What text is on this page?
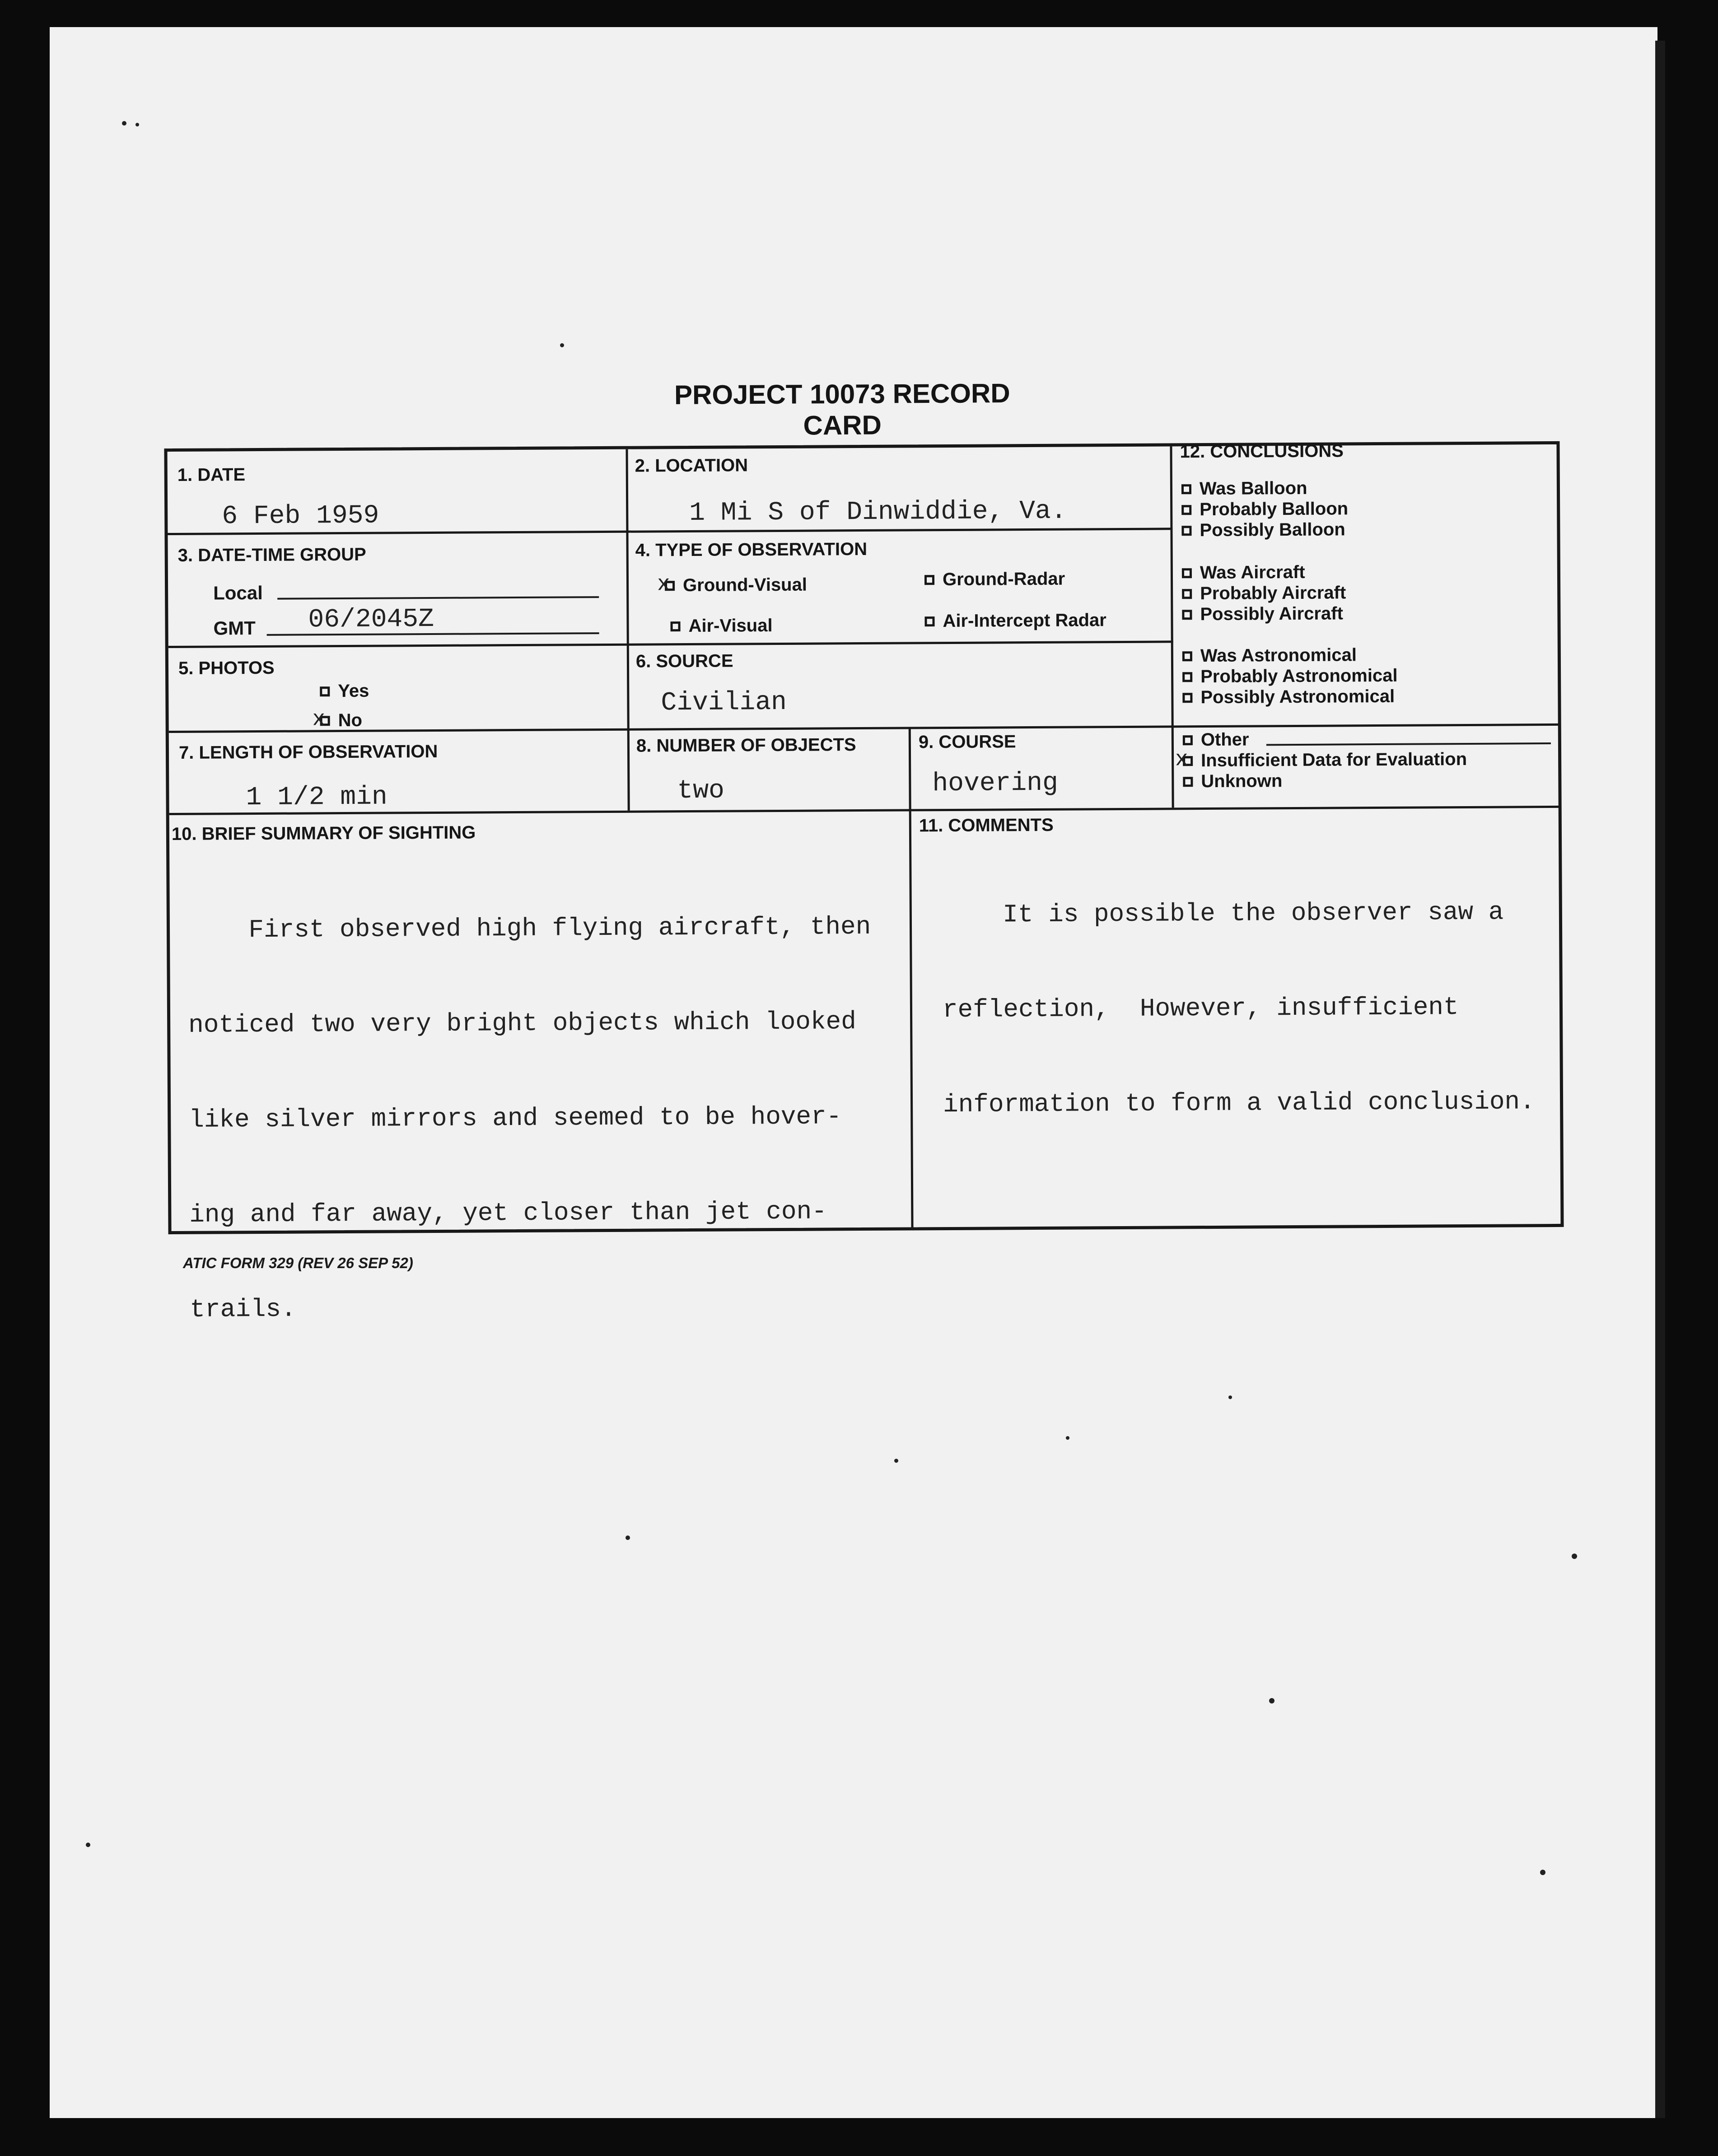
PROJECT 10073 RECORD CARD
1. DATE
6 Feb 1959
2. LOCATION
1 Mi S of Dinwiddie, Va.
3. DATE-TIME GROUP
Local
GMT 06/2045Z
4. TYPE OF OBSERVATION
xGround-Visual	Ground-Radar
Air-Visual	Air-Intercept Radar
5. PHOTOS
Yes
xNo
6. SOURCE
Civilian
7. LENGTH OF OBSERVATION
1 1/2 min
8. NUMBER OF OBJECTS
two
9. COURSE
hovering
10. BRIEF SUMMARY OF SIGHTING

First observed high flying aircraft, then

noticed two very bright objects which looked

like silver mirrors and seemed to be hover-

ing and far away, yet closer than jet con-

trails.

11. COMMENTS

It is possible the observer saw a

reflection,  However, insufficient

information to form a valid conclusion.

12. CONCLUSIONS
Was Balloon
Probably Balloon
Possibly Balloon
Was Aircraft
Probably Aircraft
Possibly Aircraft
Was Astronomical
Probably Astronomical
Possibly Astronomical
Other
xInsufficient Data for Evaluation
Unknown
ATIC FORM 329 (REV 26 SEP 52)
